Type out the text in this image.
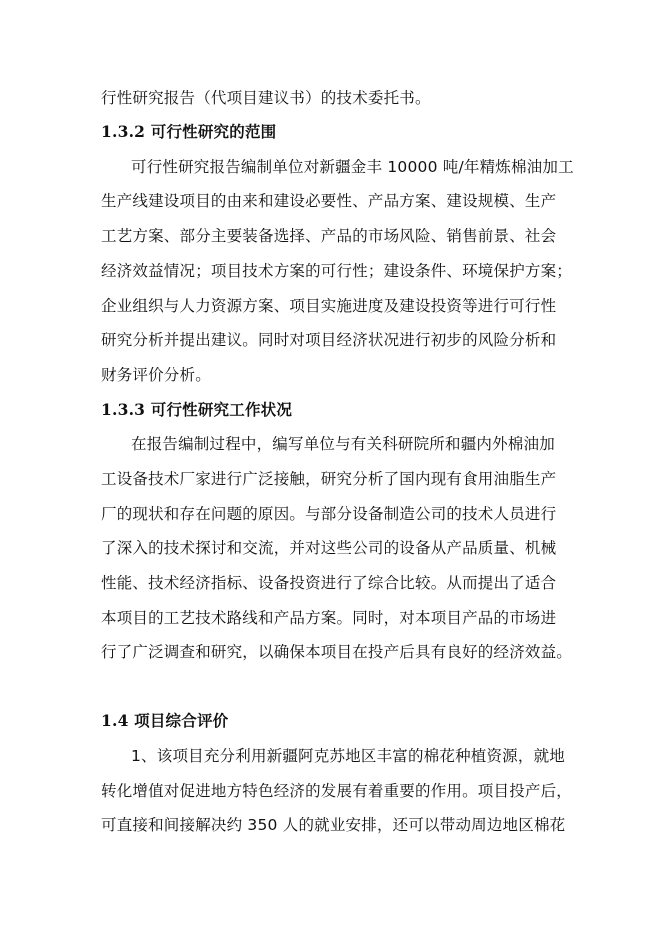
行性研究报告（代项目建议书）的技术委托书。
1.3.2 可行性研究的范围
可行性研究报告编制单位对新疆金丰 10000 吨/年精炼棉油加工
生产线建设项目的由来和建设必要性、产品方案、建设规模、生产
工艺方案、部分主要装备选择、产品的市场风险、销售前景、社会
经济效益情况；项目技术方案的可行性；建设条件、环境保护方案；
企业组织与人力资源方案、项目实施进度及建设投资等进行可行性
研究分析并提出建议。同时对项目经济状况进行初步的风险分析和
财务评价分析。
1.3.3 可行性研究工作状况
在报告编制过程中，编写单位与有关科研院所和疆内外棉油加
工设备技术厂家进行广泛接触，研究分析了国内现有食用油脂生产
厂的现状和存在问题的原因。与部分设备制造公司的技术人员进行
了深入的技术探讨和交流，并对这些公司的设备从产品质量、机械
性能、技术经济指标、设备投资进行了综合比较。从而提出了适合
本项目的工艺技术路线和产品方案。同时，对本项目产品的市场进
行了广泛调查和研究，以确保本项目在投产后具有良好的经济效益。
1.4 项目综合评价
1、该项目充分利用新疆阿克苏地区丰富的棉花种植资源，就地
转化增值对促进地方特色经济的发展有着重要的作用。项目投产后，
可直接和间接解决约 350 人的就业安排，还可以带动周边地区棉花
